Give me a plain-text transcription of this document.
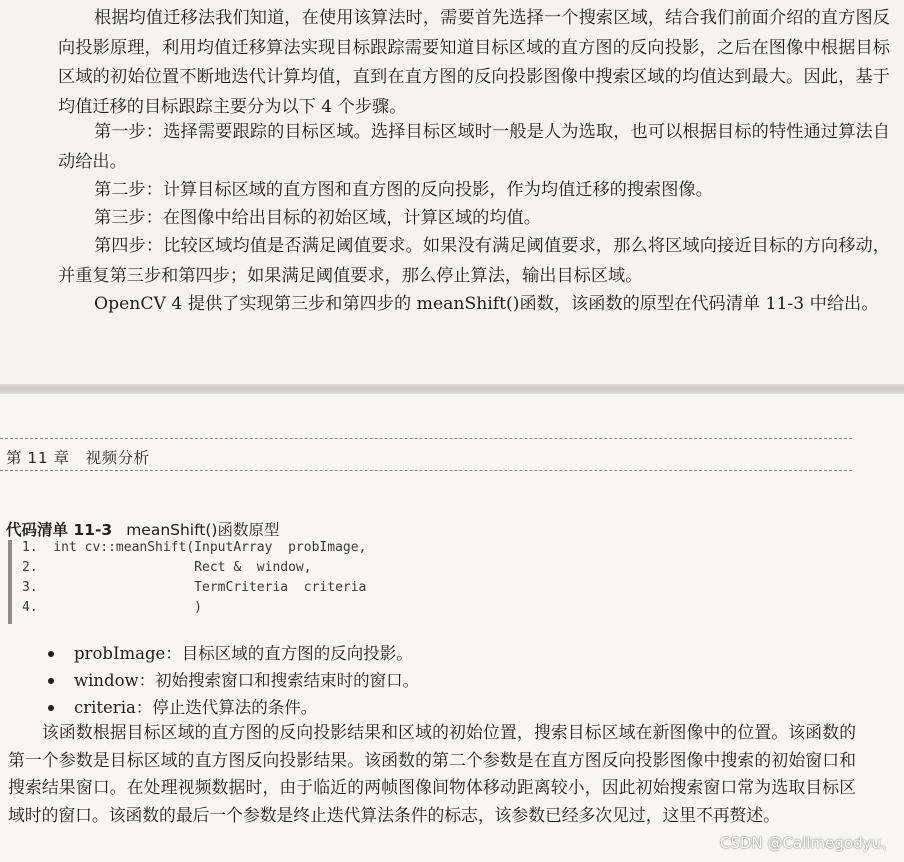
根据均值迁移法我们知道，在使用该算法时，需要首先选择一个搜索区域，结合我们前面介绍的直方图反向投影原理，利用均值迁移算法实现目标跟踪需要知道目标区域的直方图的反向投影，之后在图像中根据目标区域的初始位置不断地迭代计算均值，直到在直方图的反向投影图像中搜索区域的均值达到最大。因此，基于均值迁移的目标跟踪主要分为以下 4 个步骤。

第一步：选择需要跟踪的目标区域。选择目标区域时一般是人为选取，也可以根据目标的特性通过算法自动给出。

第二步：计算目标区域的直方图和直方图的反向投影，作为均值迁移的搜索图像。

第三步：在图像中给出目标的初始区域，计算区域的均值。

第四步：比较区域均值是否满足阈值要求。如果没有满足阈值要求，那么将区域向接近目标的方向移动，并重复第三步和第四步；如果满足阈值要求，那么停止算法，输出目标区域。

OpenCV 4 提供了实现第三步和第四步的 meanShift()函数，该函数的原型在代码清单 11-3 中给出。

第 11 章　视频分析
代码清单 11-3 meanShift()函数原型
1.  int cv::meanShift(InputArray  probImage,
2.                    Rect &  window,
3.                    TermCriteria  criteria
4.                    )
probImage：目标区域的直方图的反向投影。
window：初始搜索窗口和搜索结束时的窗口。
criteria：停止迭代算法的条件。

　　该函数根据目标区域的直方图的反向投影结果和区域的初始位置，搜索目标区域在新图像中的位置。该函数的第一个参数是目标区域的直方图反向投影结果。该函数的第二个参数是在直方图反向投影图像中搜索的初始窗口和搜索结果窗口。在处理视频数据时，由于临近的两帧图像间物体移动距离较小，因此初始搜索窗口常为选取目标区域时的窗口。该函数的最后一个参数是终止迭代算法条件的标志，该参数已经多次见过，这里不再赘述。

CSDN @Callmegodyu、
